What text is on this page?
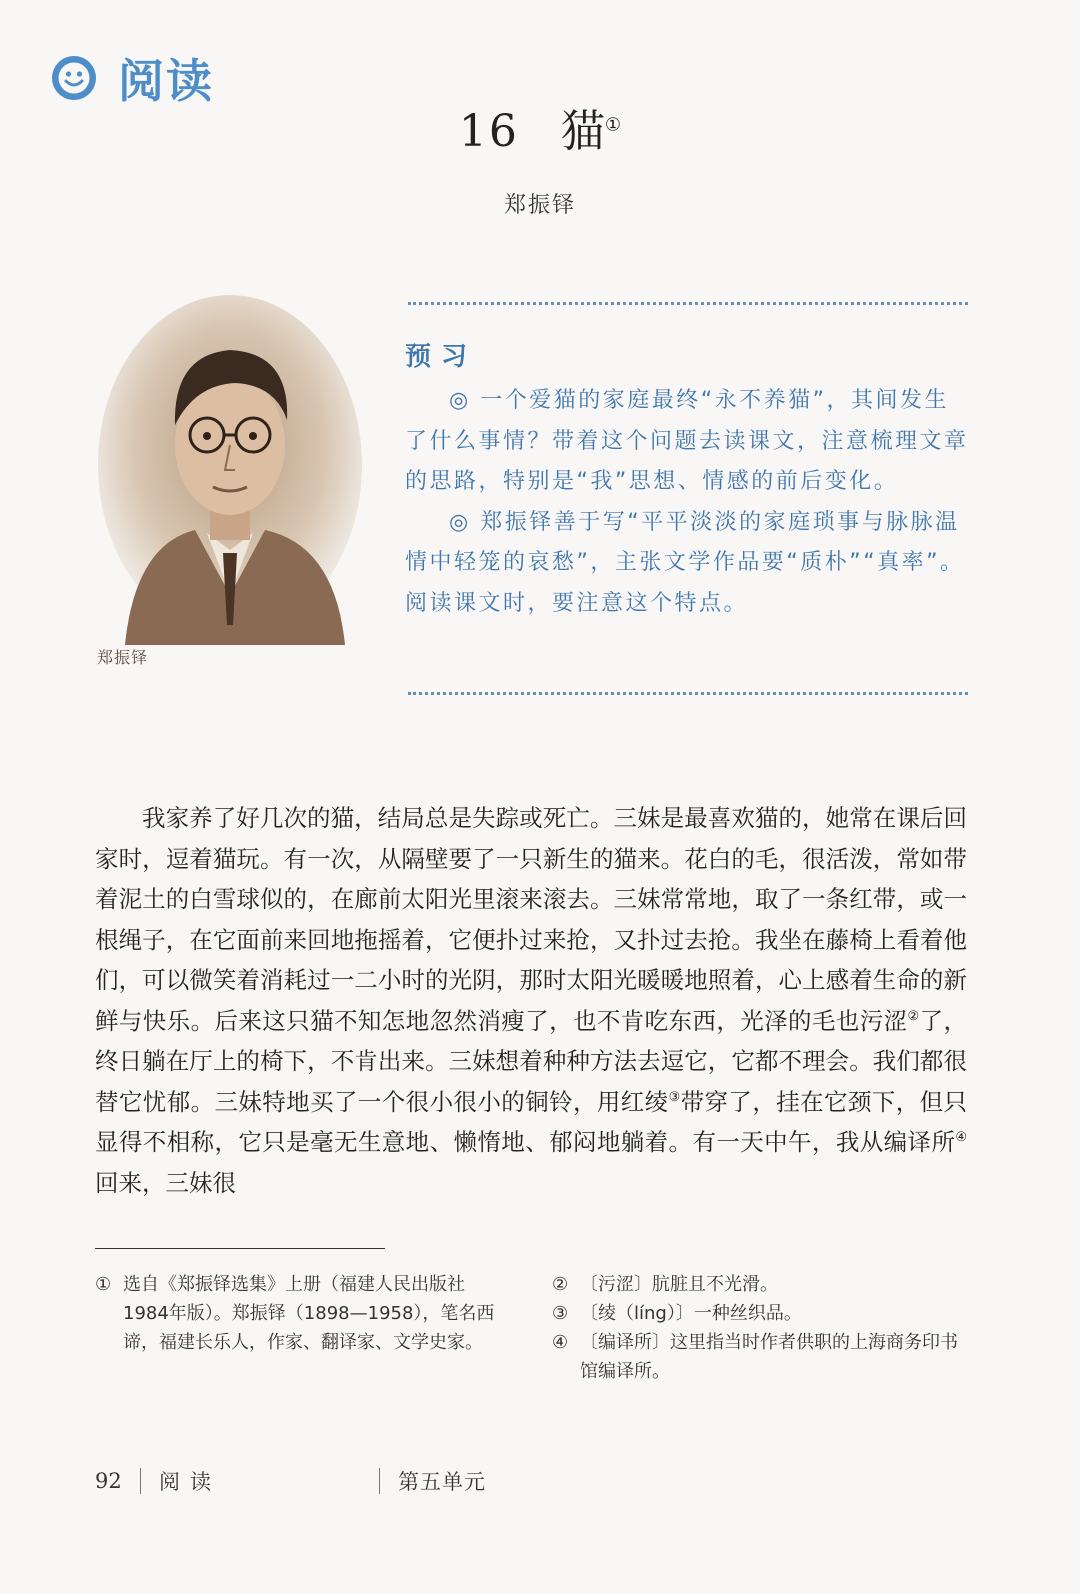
阅读
16 猫①
郑振铎
郑振铎
预习

◎ 一个爱猫的家庭最终“永不养猫”，其间发生了什么事情？带着这个问题去读课文，注意梳理文章的思路，特别是“我”思想、情感的前后变化。

◎ 郑振铎善于写“平平淡淡的家庭琐事与脉脉温情中轻笼的哀愁”，主张文学作品要“质朴”“真率”。阅读课文时，要注意这个特点。

我家养了好几次的猫，结局总是失踪或死亡。三妹是最喜欢猫的，她常在课后回家时，逗着猫玩。有一次，从隔壁要了一只新生的猫来。花白的毛，很活泼，常如带着泥土的白雪球似的，在廊前太阳光里滚来滚去。三妹常常地，取了一条红带，或一根绳子，在它面前来回地拖摇着，它便扑过来抢，又扑过去抢。我坐在藤椅上看着他们，可以微笑着消耗过一二小时的光阴，那时太阳光暖暖地照着，心上感着生命的新鲜与快乐。后来这只猫不知怎地忽然消瘦了，也不肯吃东西，光泽的毛也污涩②了，终日躺在厅上的椅下，不肯出来。三妹想着种种方法去逗它，它都不理会。我们都很替它忧郁。三妹特地买了一个很小很小的铜铃，用红绫③带穿了，挂在它颈下，但只显得不相称，它只是毫无生意地、懒惰地、郁闷地躺着。有一天中午，我从编译所④回来，三妹很

① 选自《郑振铎选集》上册（福建人民出版社1984年版）。郑振铎（1898—1958），笔名西谛，福建长乐人，作家、翻译家、文学史家。
② 〔污涩〕肮脏且不光滑。
③ 〔绫（líng）〕一种丝织品。
④ 〔编译所〕这里指当时作者供职的上海商务印书馆编译所。
92	阅读	第五单元
